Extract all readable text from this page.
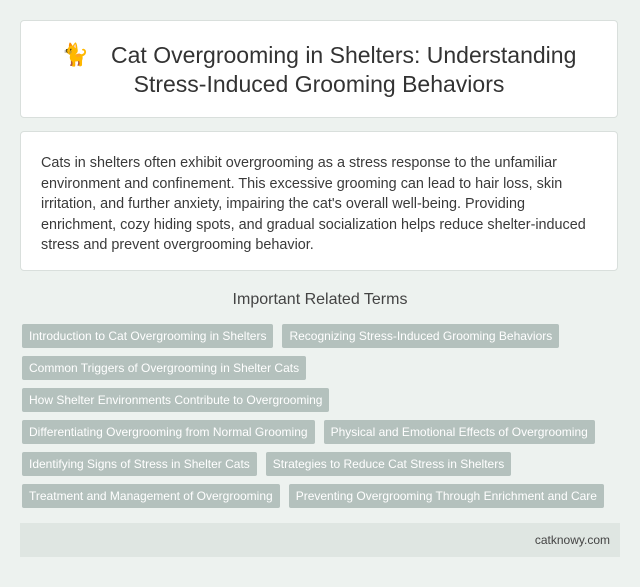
🐈 Cat Overgrooming in Shelters: Understanding Stress-Induced Grooming Behaviors

Cats in shelters often exhibit overgrooming as a stress response to the unfamiliar environment and confinement. This excessive grooming can lead to hair loss, skin irritation, and further anxiety, impairing the cat's overall well-being. Providing enrichment, cozy hiding spots, and gradual socialization helps reduce shelter-induced stress and prevent overgrooming behavior.

Important Related Terms
Introduction to Cat Overgrooming in Shelters	Recognizing Stress-Induced Grooming Behaviors
Common Triggers of Overgrooming in Shelter Cats
How Shelter Environments Contribute to Overgrooming
Differentiating Overgrooming from Normal Grooming	Physical and Emotional Effects of Overgrooming
Identifying Signs of Stress in Shelter Cats	Strategies to Reduce Cat Stress in Shelters
Treatment and Management of Overgrooming	Preventing Overgrooming Through Enrichment and Care
catknowy.com
